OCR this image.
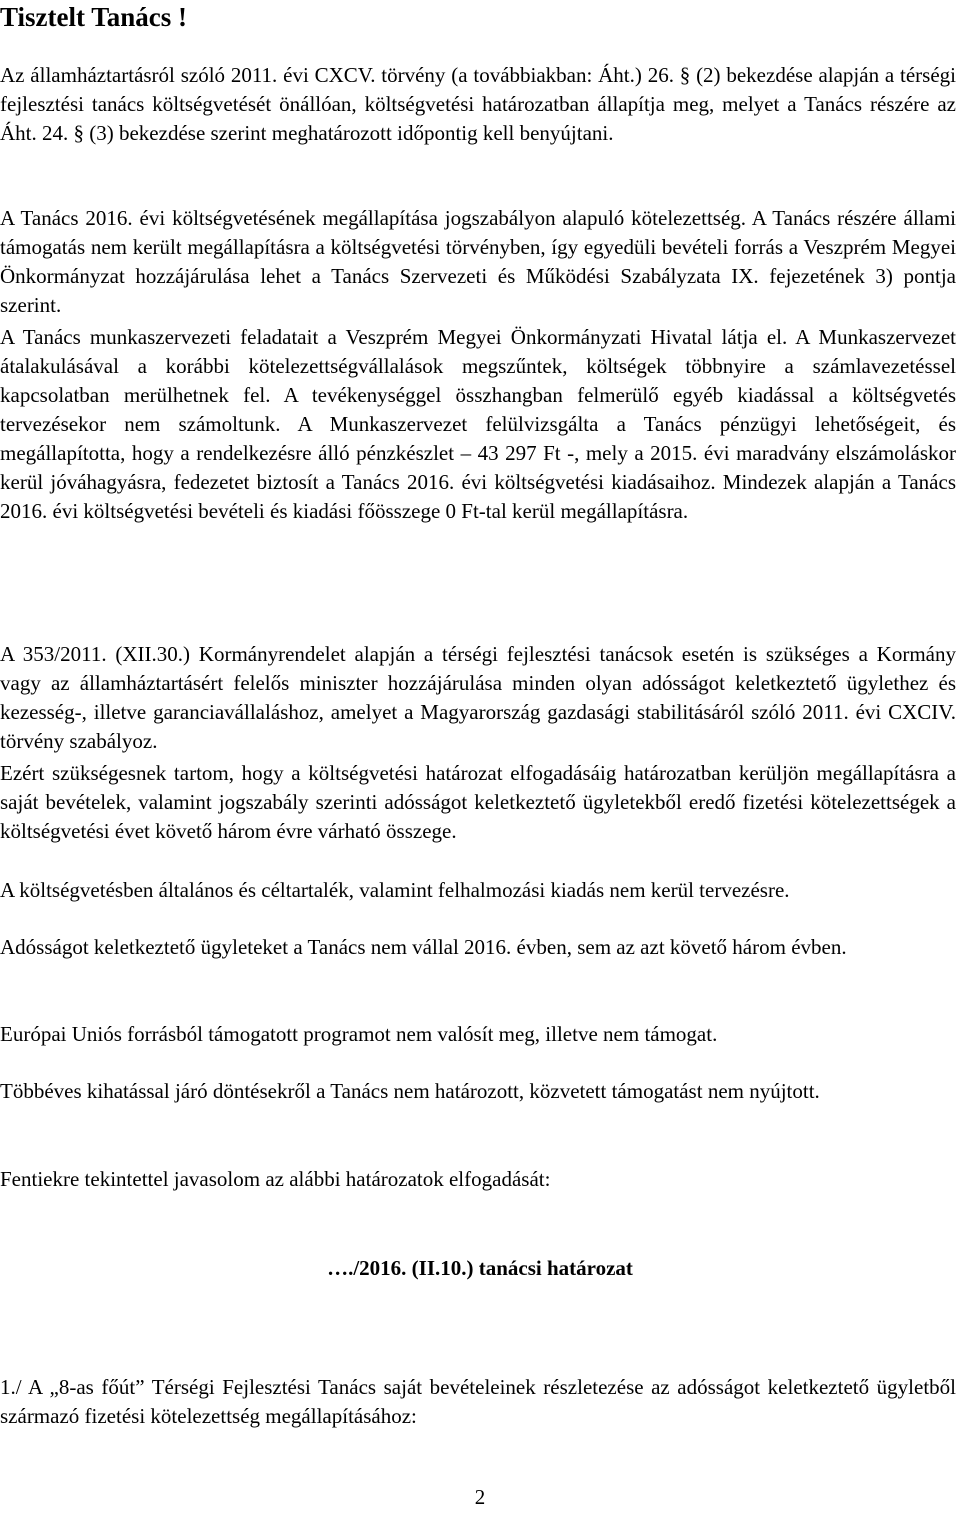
Tisztelt Tanács !

Az államháztartásról szóló 2011. évi CXCV. törvény (a továbbiakban: Áht.) 26. § (2) bekezdése alapján a térségi fejlesztési tanács költségvetését önállóan, költségvetési határozatban állapítja meg, melyet a Tanács részére az Áht. 24. § (3) bekezdése szerint meghatározott időpontig kell benyújtani.

A Tanács 2016. évi költségvetésének megállapítása jogszabályon alapuló kötelezettség. A Tanács részére állami támogatás nem került megállapításra a költségvetési törvényben, így egyedüli bevételi forrás a Veszprém Megyei Önkormányzat hozzájárulása lehet a Tanács Szervezeti és Működési Szabályzata IX. fejezetének 3) pontja szerint.

A Tanács munkaszervezeti feladatait a Veszprém Megyei Önkormányzati Hivatal látja el. A Munkaszervezet átalakulásával a korábbi kötelezettségvállalások megszűntek, költségek többnyire a számlavezetéssel kapcsolatban merülhetnek fel. A tevékenységgel összhangban felmerülő egyéb kiadással a költségvetés tervezésekor nem számoltunk. A Munkaszervezet felülvizsgálta a Tanács pénzügyi lehetőségeit, és megállapította, hogy a rendelkezésre álló pénzkészlet – 43 297 Ft -, mely a 2015. évi maradvány elszámoláskor kerül jóváhagyásra, fedezetet biztosít a Tanács 2016. évi költségvetési kiadásaihoz. Mindezek alapján a Tanács 2016. évi költségvetési bevételi és kiadási főösszege 0 Ft-tal kerül megállapításra.

A 353/2011. (XII.30.) Kormányrendelet alapján a térségi fejlesztési tanácsok esetén is szükséges a Kormány vagy az államháztartásért felelős miniszter hozzájárulása minden olyan adósságot keletkeztető ügylethez és kezesség-, illetve garanciavállaláshoz, amelyet a Magyarország gazdasági stabilitásáról szóló 2011. évi CXCIV. törvény szabályoz.

Ezért szükségesnek tartom, hogy a költségvetési határozat elfogadásáig határozatban kerüljön megállapításra a saját bevételek, valamint jogszabály szerinti adósságot keletkeztető ügyletekből eredő fizetési kötelezettségek a költségvetési évet követő három évre várható összege.

A költségvetésben általános és céltartalék, valamint felhalmozási kiadás nem kerül tervezésre.

Adósságot keletkeztető ügyleteket a Tanács nem vállal 2016. évben, sem az azt követő három évben.

Európai Uniós forrásból támogatott programot nem valósít meg, illetve nem támogat.

Többéves kihatással járó döntésekről a Tanács nem határozott, közvetett támogatást nem nyújtott.

Fentiekre tekintettel javasolom az alábbi határozatok elfogadását:

…./2016. (II.10.) tanácsi határozat

1./ A „8-as főút” Térségi Fejlesztési Tanács saját bevételeinek részletezése az adósságot keletkeztető ügyletből származó fizetési kötelezettség megállapításához:

2
